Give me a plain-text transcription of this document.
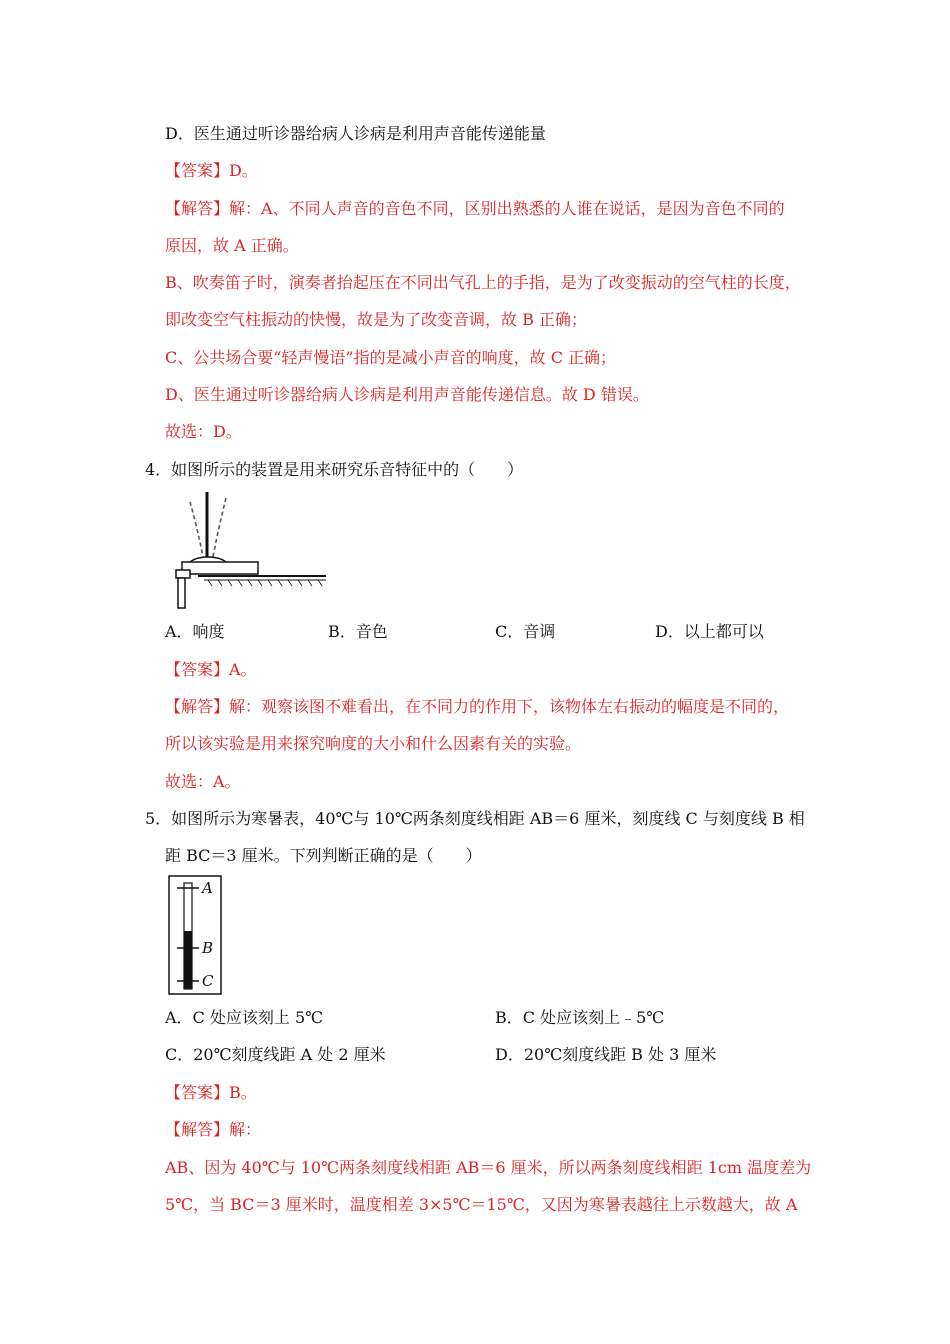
D．医生通过听诊器给病人诊病是利用声音能传递能量
【答案】D。
【解答】解：A、不同人声音的音色不同，区别出熟悉的人谁在说话，是因为音色不同的
原因，故 A 正确。
B、吹奏笛子时，演奏者抬起压在不同出气孔上的手指，是为了改变振动的空气柱的长度，
即改变空气柱振动的快慢，故是为了改变音调，故 B 正确；
C、公共场合要“轻声慢语”指的是减小声音的响度，故 C 正确；
D、医生通过听诊器给病人诊病是利用声音能传递信息。故 D 错误。
故选：D。
4．如图所示的装置是用来研究乐音特征中的（　　）
A．响度	B．音色	C．音调	D．以上都可以
【答案】A。
【解答】解：观察该图不难看出，在不同力的作用下，该物体左右振动的幅度是不同的，
所以该实验是用来探究响度的大小和什么因素有关的实验。
故选：A。
5．如图所示为寒暑表，40℃与 10℃两条刻度线相距 AB＝6 厘米，刻度线 C 与刻度线 B 相
距 BC＝3 厘米。下列判断正确的是（　　）
A
B
C
A．C 处应该刻上 5℃	B．C 处应该刻上﹣5℃
C．20℃刻度线距 A 处 2 厘米	D．20℃刻度线距 B 处 3 厘米
【答案】B。
【解答】解：
AB、因为 40℃与 10℃两条刻度线相距 AB＝6 厘米，所以两条刻度线相距 1cm 温度差为
5℃，当 BC＝3 厘米时，温度相差 3×5℃＝15℃，又因为寒暑表越往上示数越大，故 A
